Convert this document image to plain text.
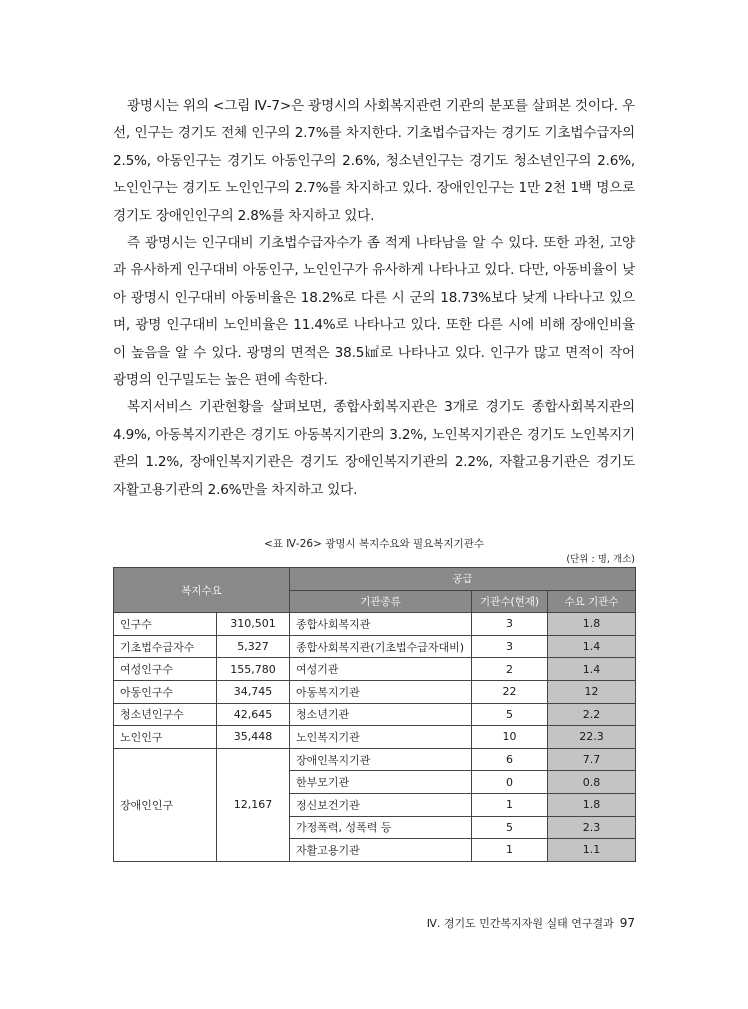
광명시는 위의 <그림 Ⅳ-7>은 광명시의 사회복지관련 기관의 분포를 살펴본 것이다. 우선, 인구는 경기도 전체 인구의 2.7%를 차지한다. 기초법수급자는 경기도 기초법수급자의 2.5%, 아동인구는 경기도 아동인구의 2.6%, 청소년인구는 경기도 청소년인구의 2.6%, 노인인구는 경기도 노인인구의 2.7%를 차지하고 있다. 장애인인구는 1만 2천 1백 명으로 경기도 장애인인구의 2.8%를 차지하고 있다.

즉 광명시는 인구대비 기초법수급자수가 좀 적게 나타남을 알 수 있다. 또한 과천, 고양과 유사하게 인구대비 아동인구, 노인인구가 유사하게 나타나고 있다. 다만, 아동비율이 낮아 광명시 인구대비 아동비율은 18.2%로 다른 시 군의 18.73%보다 낮게 나타나고 있으며, 광명 인구대비 노인비율은 11.4%로 나타나고 있다. 또한 다른 시에 비해 장애인비율이 높음을 알 수 있다. 광명의 면적은 38.5㎢로 나타나고 있다. 인구가 많고 면적이 작어 광명의 인구밀도는 높은 편에 속한다.

복지서비스 기관현황을 살펴보면, 종합사회복지관은 3개로 경기도 종합사회복지관의 4.9%, 아동복지기관은 경기도 아동복지기관의 3.2%, 노인복지기관은 경기도 노인복지기관의 1.2%, 장애인복지기관은 경기도 장애인복지기관의 2.2%, 자활고용기관은 경기도 자활고용기관의 2.6%만을 차지하고 있다.

<표 Ⅳ-26> 광명시 복지수요와 필요복지기관수
(단위 : 명, 개소)
복지수요		공급		
		기관종류	기관수(현재)	수요 기관수
인구수	310,501	종합사회복지관	3	1.8
기초법수급자수	5,327	종합사회복지관(기초법수급자대비)	3	1.4
여성인구수	155,780	여성기관	2	1.4
아동인구수	34,745	아동복지기관	22	12
청소년인구수	42,645	청소년기관	5	2.2
노인인구	35,448	노인복지기관	10	22.3
장애인인구	12,167	장애인복지기관	6	7.7
		한부모기관	0	0.8
		정신보건기관	1	1.8
		가정폭력, 성폭력 등	5	2.3
		자활고용기관	1	1.1
Ⅳ. 경기도 민간복지자원 실태 연구결과 97
